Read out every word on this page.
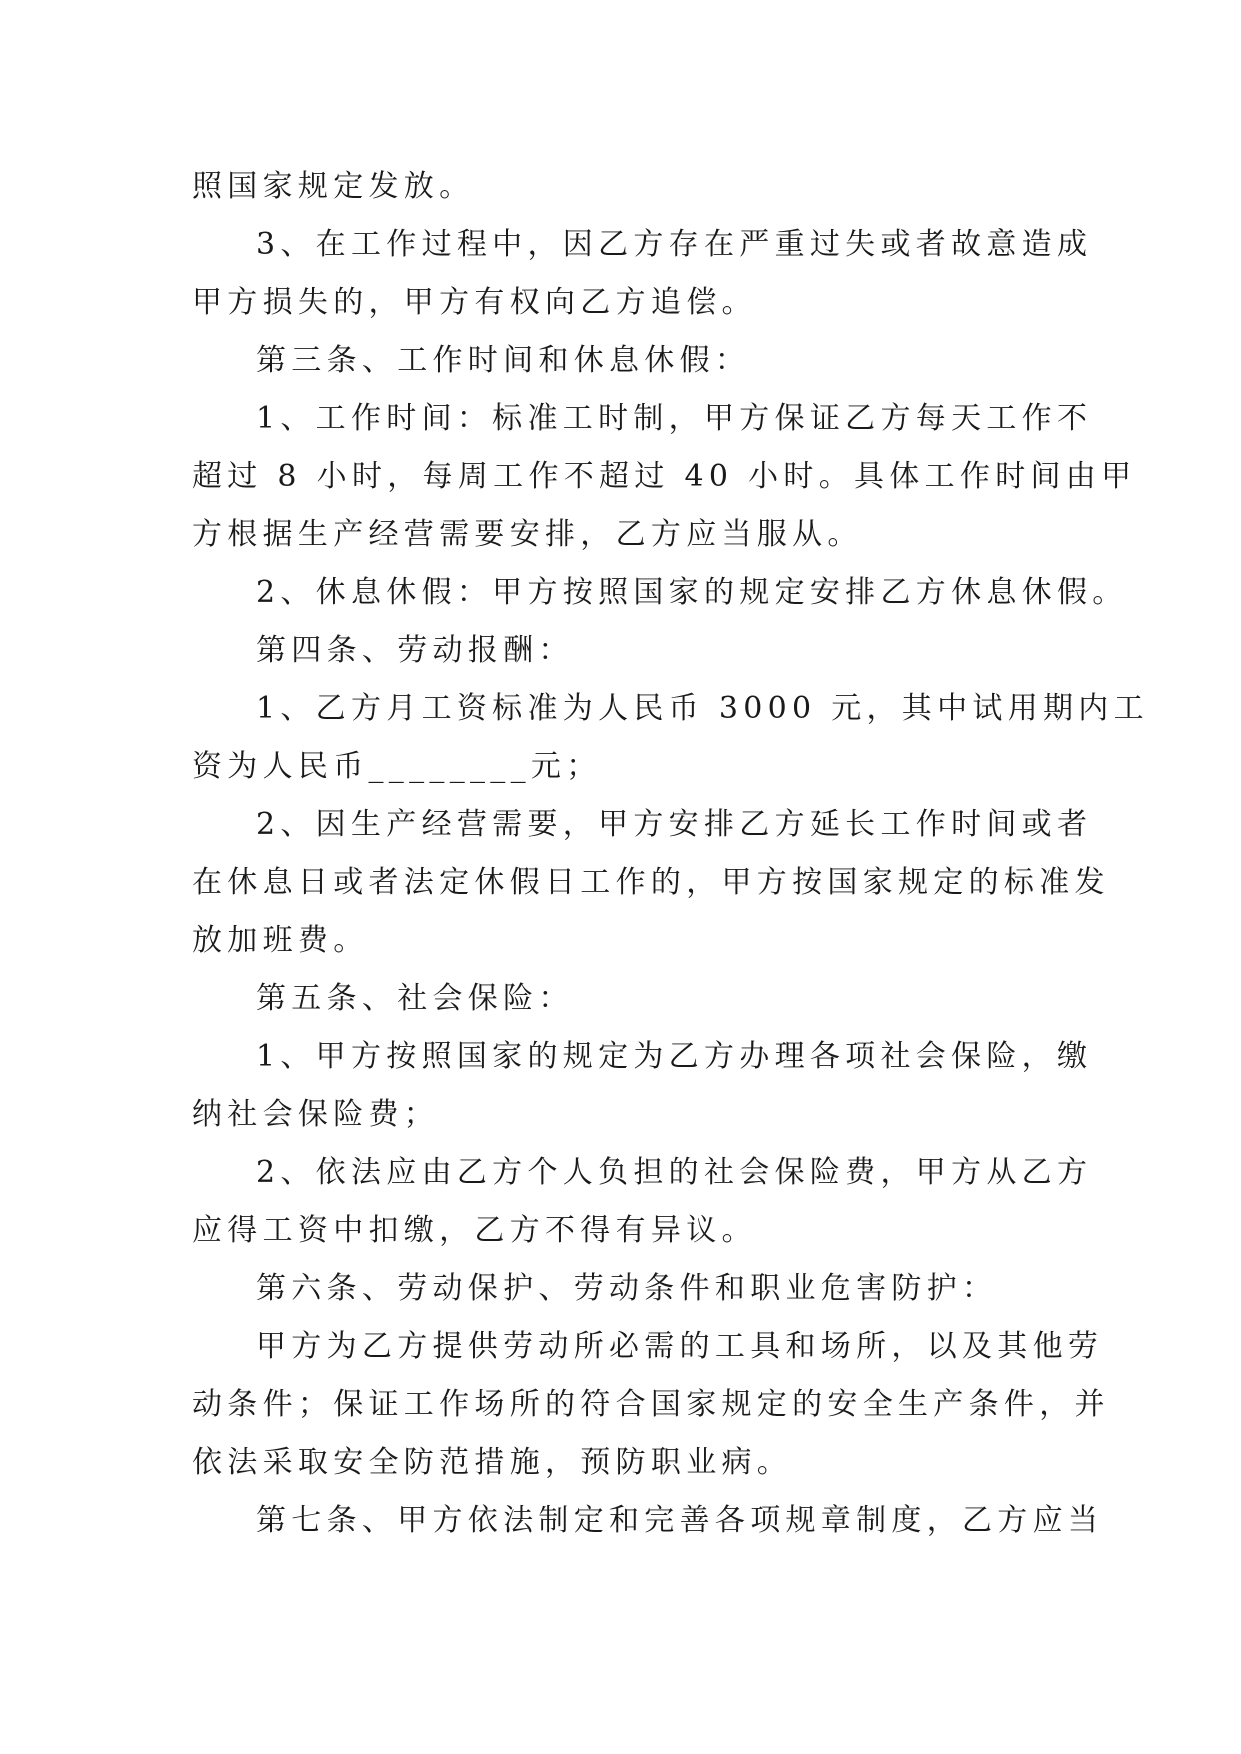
照国家规定发放。
3、在工作过程中，因乙方存在严重过失或者故意造成
甲方损失的，甲方有权向乙方追偿。
第三条、工作时间和休息休假：
1、工作时间：标准工时制，甲方保证乙方每天工作不
超过 8 小时，每周工作不超过 40 小时。具体工作时间由甲
方根据生产经营需要安排，乙方应当服从。
2、休息休假：甲方按照国家的规定安排乙方休息休假。
第四条、劳动报酬：
1、乙方月工资标准为人民币 3000 元，其中试用期内工
资为人民币________元；
2、因生产经营需要，甲方安排乙方延长工作时间或者
在休息日或者法定休假日工作的，甲方按国家规定的标准发
放加班费。
第五条、社会保险：
1、甲方按照国家的规定为乙方办理各项社会保险，缴
纳社会保险费；
2、依法应由乙方个人负担的社会保险费，甲方从乙方
应得工资中扣缴，乙方不得有异议。
第六条、劳动保护、劳动条件和职业危害防护：
甲方为乙方提供劳动所必需的工具和场所，以及其他劳
动条件；保证工作场所的符合国家规定的安全生产条件，并
依法采取安全防范措施，预防职业病。
第七条、甲方依法制定和完善各项规章制度，乙方应当
